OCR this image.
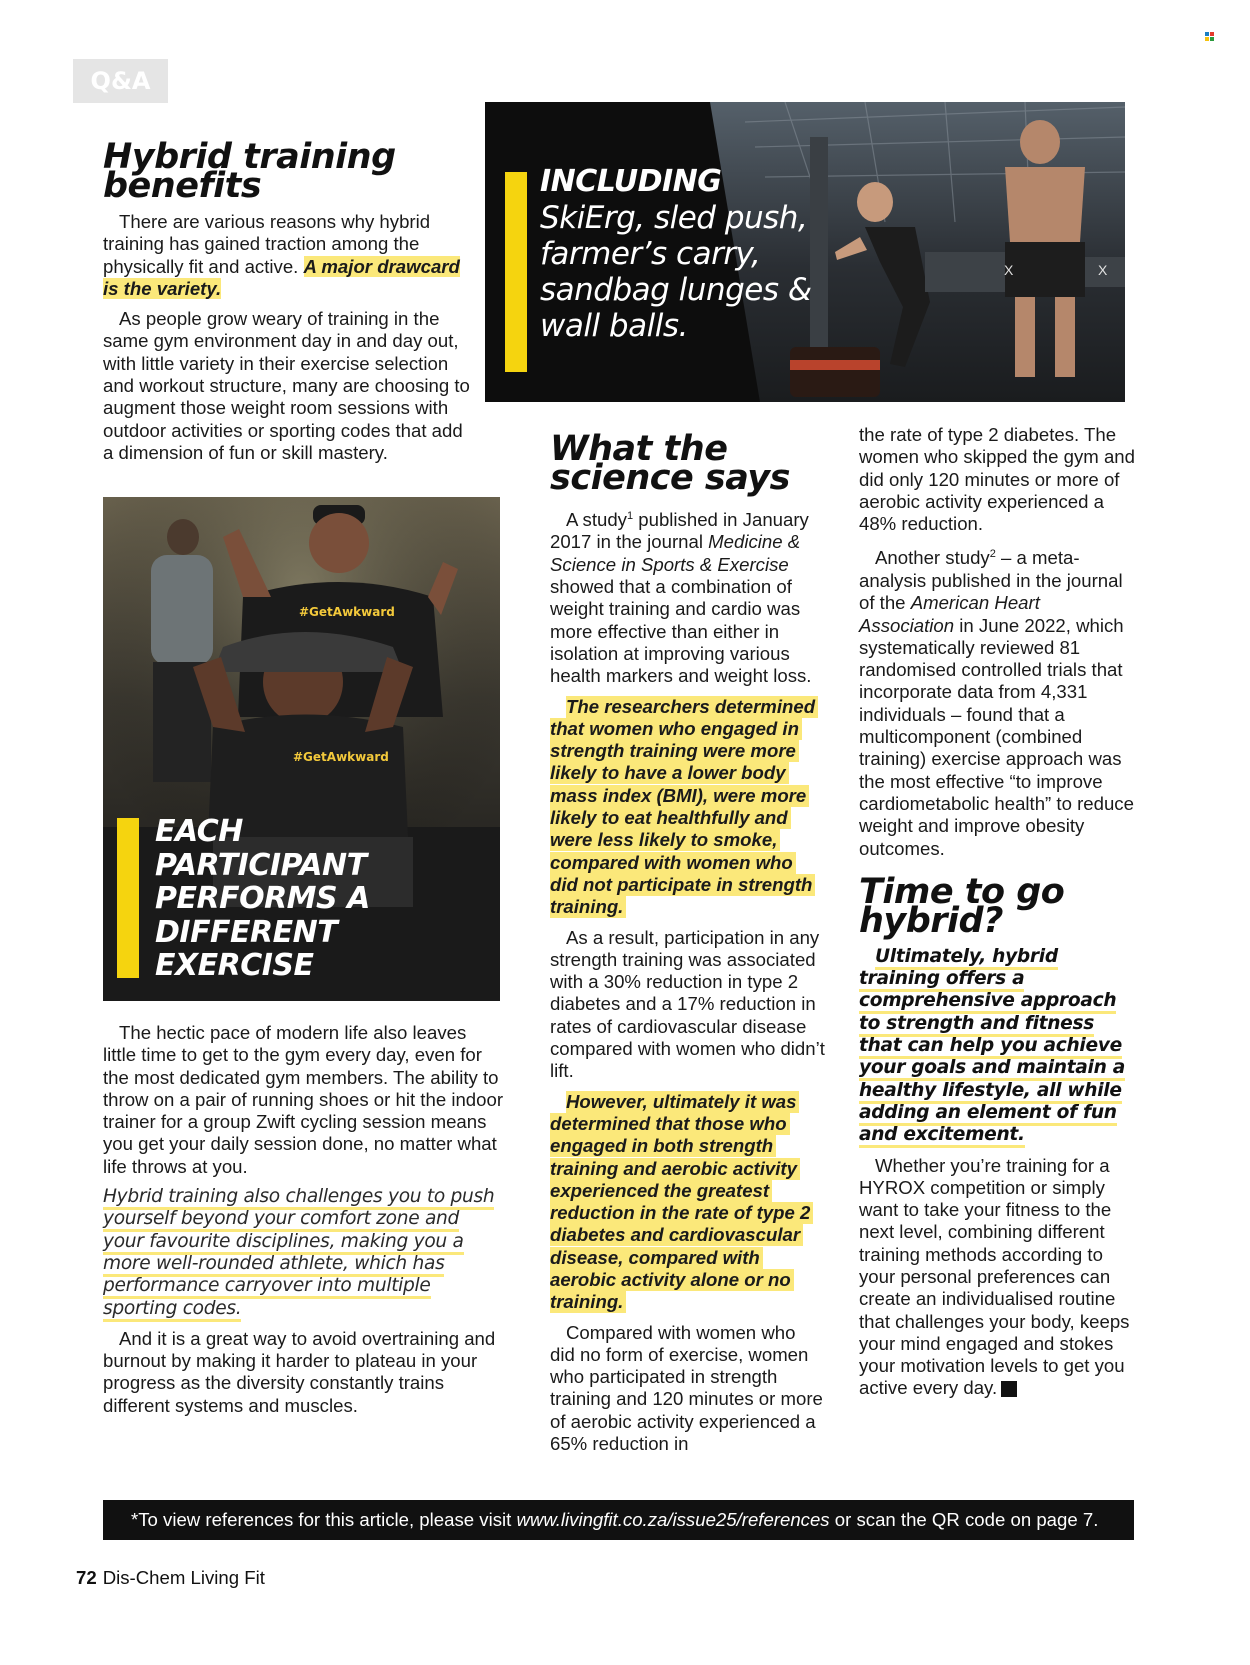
Q&A
Hybrid training benefits

There are various reasons why hybrid training has gained traction among the physically fit and active. A major drawcard is the variety.

As people grow weary of training in the same gym environment day in and day out, with little variety in their exercise selection and workout structure, many are choosing to augment those weight room sessions with outdoor activities or sporting codes that add a dimension of fun or skill mastery.

#GetAwkward
#GetAwkward

EACH PARTICIPANT PERFORMS A DIFFERENT EXERCISE

The hectic pace of modern life also leaves little time to get to the gym every day, even for the most dedicated gym members. The ability to throw on a pair of running shoes or hit the indoor trainer for a group Zwift cycling session means you get your daily session done, no matter what life throws at you.

Hybrid training also challenges you to push yourself beyond your comfort zone and your favourite disciplines, making you a more well-rounded athlete, which has performance carryover into multiple sporting codes.

And it is a great way to avoid overtraining and burnout by making it harder to plateau in your progress as the diversity constantly trains different systems and muscles.

X	X

INCLUDING
SkiErg, sled push, farmer’s carry, sandbag lunges & wall balls.

What the science says

A study$^1$ published in January 2017 in the journal Medicine & Science in Sports & Exercise showed that a combination of weight training and cardio was more effective than either in isolation at improving various health markers and weight loss.

The researchers determined that women who engaged in strength training were more likely to have a lower body mass index (BMI), were more likely to eat healthfully and were less likely to smoke, compared with women who did not participate in strength training.

As a result, participation in any strength training was associated with a 30% reduction in type 2 diabetes and a 17% reduction in rates of cardiovascular disease compared with women who didn’t lift.

However, ultimately it was determined that those who engaged in both strength training and aerobic activity experienced the greatest reduction in the rate of type 2 diabetes and cardiovascular disease, compared with aerobic activity alone or no training.

Compared with women who did no form of exercise, women who participated in strength training and 120 minutes or more of aerobic activity experienced a 65% reduction in

the rate of type 2 diabetes. The women who skipped the gym and did only 120 minutes or more of aerobic activity experienced a 48% reduction.

Another study$^2$ – a meta-analysis published in the journal of the American Heart Association in June 2022, which systematically reviewed 81 randomised controlled trials that incorporate data from 4,331 individuals – found that a multicomponent (combined training) exercise approach was the most effective “to improve cardiometabolic health” to reduce weight and improve obesity outcomes.

Time to go hybrid?

Ultimately, hybrid training offers a comprehensive approach to strength and fitness that can help you achieve your goals and maintain a healthy lifestyle, all while adding an element of fun and excitement.

Whether you’re training for a HYROX competition or simply want to take your fitness to the next level, combining different training methods according to your personal preferences can create an individualised routine that challenges your body, keeps your mind engaged and stokes your motivation levels to get you active every day. LF

*To view references for this article, please visit www.livingfit.co.za/issue25/references or scan the QR code on page 7.
72 Dis-Chem Living Fit
